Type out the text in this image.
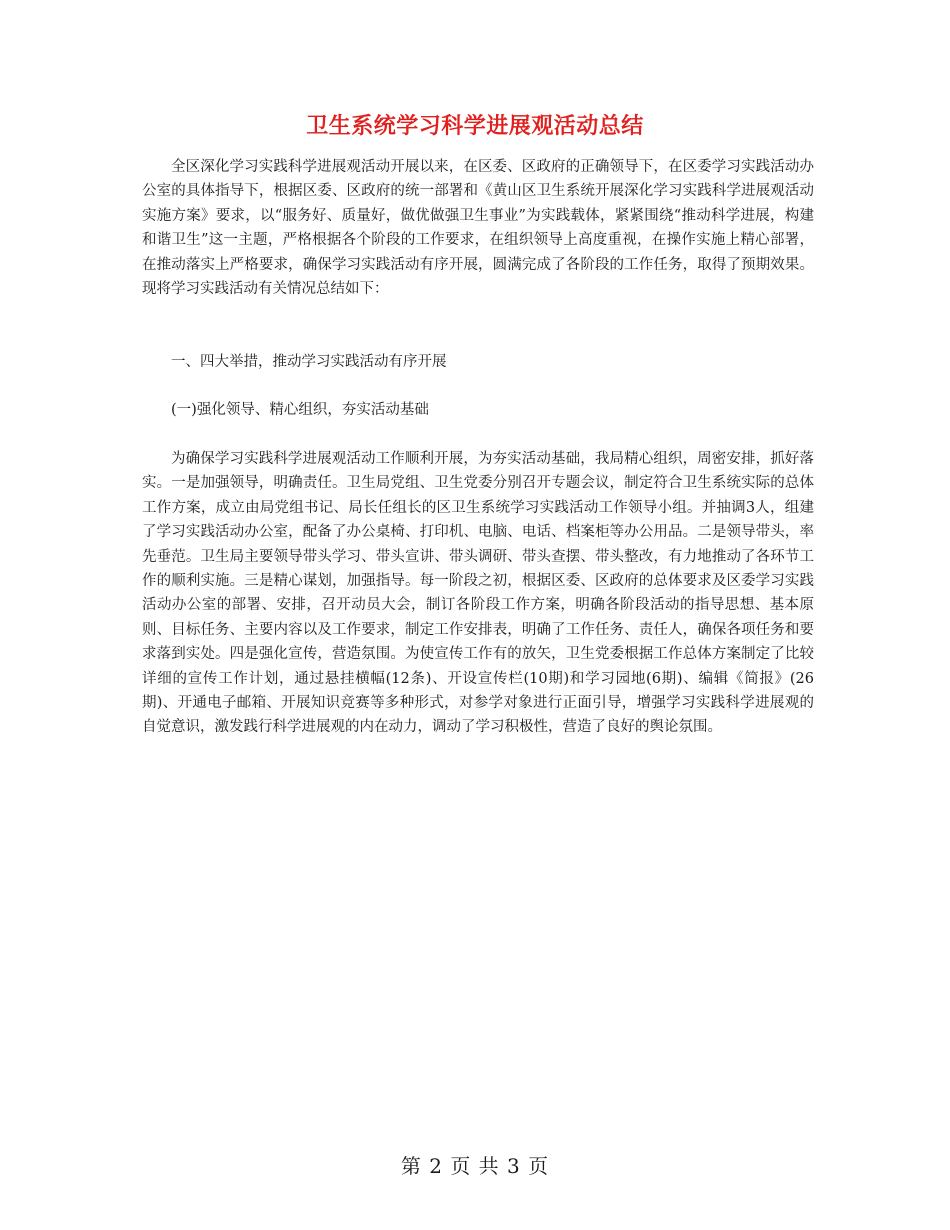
卫生系统学习科学进展观活动总结

全区深化学习实践科学进展观活动开展以来，在区委、区政府的正确领导下，在区委学习实践活动办公室的具体指导下，根据区委、区政府的统一部署和《黄山区卫生系统开展深化学习实践科学进展观活动实施方案》要求，以“服务好、质量好，做优做强卫生事业”为实践载体，紧紧围绕“推动科学进展，构建和谐卫生”这一主题，严格根据各个阶段的工作要求，在组织领导上高度重视，在操作实施上精心部署，在推动落实上严格要求，确保学习实践活动有序开展，圆满完成了各阶段的工作任务，取得了预期效果。现将学习实践活动有关情况总结如下：

一、四大举措，推动学习实践活动有序开展

(一)强化领导、精心组织，夯实活动基础

为确保学习实践科学进展观活动工作顺利开展，为夯实活动基础，我局精心组织，周密安排，抓好落实。一是加强领导，明确责任。卫生局党组、卫生党委分别召开专题会议，制定符合卫生系统实际的总体工作方案，成立由局党组书记、局长任组长的区卫生系统学习实践活动工作领导小组。并抽调3人，组建了学习实践活动办公室，配备了办公桌椅、打印机、电脑、电话、档案柜等办公用品。二是领导带头，率先垂范。卫生局主要领导带头学习、带头宣讲、带头调研、带头查摆、带头整改，有力地推动了各环节工作的顺利实施。三是精心谋划，加强指导。每一阶段之初，根据区委、区政府的总体要求及区委学习实践活动办公室的部署、安排，召开动员大会，制订各阶段工作方案，明确各阶段活动的指导思想、基本原则、目标任务、主要内容以及工作要求，制定工作安排表，明确了工作任务、责任人，确保各项任务和要求落到实处。四是强化宣传，营造氛围。为使宣传工作有的放矢，卫生党委根据工作总体方案制定了比较详细的宣传工作计划，通过悬挂横幅(12条)、开设宣传栏(10期)和学习园地(6期)、编辑《简报》(26期)、开通电子邮箱、开展知识竞赛等多种形式，对参学对象进行正面引导，增强学习实践科学进展观的自觉意识，激发践行科学进展观的内在动力，调动了学习积极性，营造了良好的舆论氛围。

第 2 页 共 3 页
